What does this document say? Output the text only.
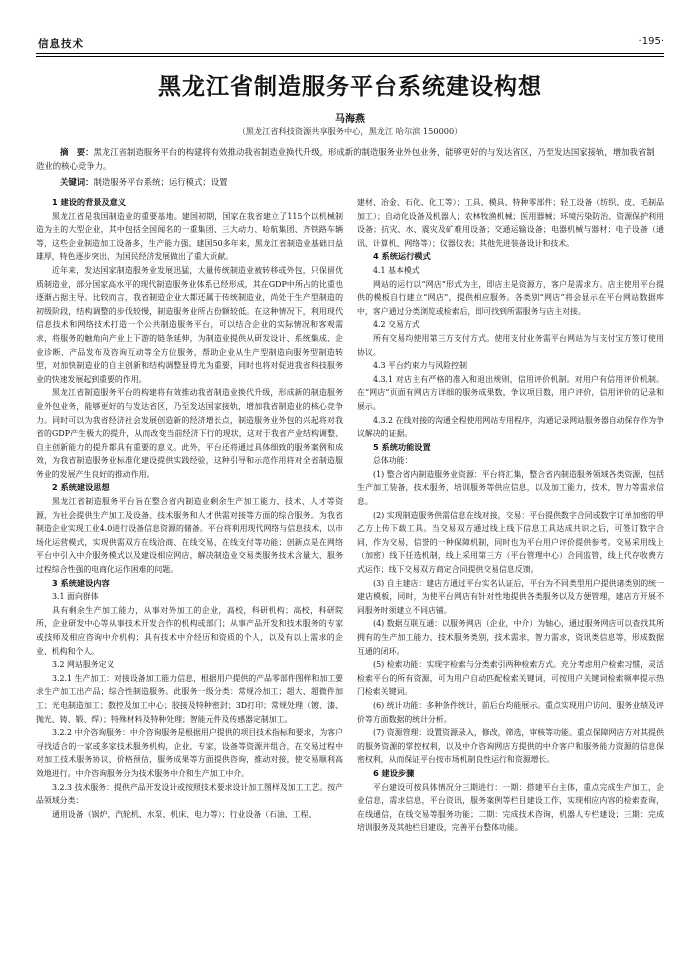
信息技术	·195·
黑龙江省制造服务平台系统建设构想
马海燕
（黑龙江省科技资源共享服务中心，黑龙江 哈尔滨 150000）
摘　要：黑龙江省制造服务平台的构建将有效推动我省制造业换代升级，形成新的制造服务业外包业务，能够更好的与发达省区，乃至发达国家接轨，增加我省制造业的核心竞争力。
关键词：制造服务平台系统；运行模式；设置
1 建设的背景及意义

黑龙江省是我国制造业的重要基地。建国初期，国家在我省建立了115个以机械制造为主的大型企业，其中包括全国闻名的一重集团、三大动力、哈航集团、齐铁路车辆等，这些企业制造加工设备多，生产能力强。建国50多年来，黑龙江省制造业基础日益雄厚，特色逐步突出，为国民经济发展做出了重大贡献。

近年来，发达国家制造服务业发展迅猛，大量传统制造业被转移或外包，只保留优质制造业，部分国家高水平的现代制造服务业体系已经形成，其在GDP中所占的比重也逐渐占据主导。比较而言，我省制造企业大都还属于传统制造业，尚处于生产型制造的初级阶段，结构调整的步伐较慢，制造服务业所占份额较低。在这种情况下，利用现代信息技术和网络技术打造一个公共制造服务平台，可以结合企业的实际情况和客观需求，将服务的触角向产业上下游的链条延伸，为制造业提供从研发设计、系统集成、企业诊断、产品发布及咨询互动等全方位服务，帮助企业从生产型制造向服务型制造转型，对加快制造业的自主创新和结构调整显得尤为重要，同时也将对促进我省科技服务业的快速发展起到重要的作用。

黑龙江省制造服务平台的构建将有效推动我省制造业换代升级，形成新的制造服务业外包业务，能够更好的与发达省区，乃至发达国家接轨，增加我省制造业的核心竞争力。同时可以为我省经济社会发展创造新的经济增长点，制造服务业外包的兴起将对我省的GDP产生极大的提升，从而改变当前经济下行的现状，这对于我省产业结构调整、自主创新能力的提升都具有重要的意义。此外，平台还将通过具体细致的服务案例和成效，为我省制造服务业标准化建设提供实践经验，这种引导和示范作用将对全省制造服务业的发展产生良好的推动作用。

2 系统建设思想

黑龙江省制造服务平台旨在整合省内制造业剩余生产加工能力，技术、人才等资源，为社会提供生产加工及设备、技术服务和人才供需对接等方面的综合服务。为我省制造企业实现工业4.0进行设备信息资源的储备。平台将利用现代网络与信息技术，以市场化运营模式，实现供需双方在线洽商、在线交易，在线支付等功能；创新点是在网络平台中引入中介服务模式以及建设相应网店，解决制造业交易类服务技术含量大、服务过程综合性强的电商化运作困难的问题。

3 系统建设内容
3.1 面向群体

具有剩余生产加工能力，从事对外加工的企业，高校，科研机构；高校，科研院所，企业研发中心等从事技术开发合作的机构或部门；从事产品开发和技术服务的专家或技师及相应咨询中介机构；具有技术中介经历和资质的个人，以及有以上需求的企业、机构和个人。

3.2 网站服务定义

3.2.1 生产加工：对接设备加工能力信息，根据用户提供的产品零部件图样和加工要求生产加工出产品；综合性制造服务。此服务一级分类：常规冷加工；超大、超微件加工；光电制造加工；数控及加工中心；胶接及特种密封；3D打印；常规处理（镀、漆、抛光、铸、锻、焊）；特殊材料及特种处理；智能元件及传感器定制加工。

3.2.2 中介咨询服务：中介咨询服务是根据用户提供的项目技术指标和要求，为客户寻找适合的一家或多家技术服务机构，企业，专家，设备等资源并组合，在交易过程中对加工技术服务协议，价格预估，服务成果等方面提供咨询，推动对接，使交易顺利高效地进行。中介咨询服务分为技术服务中介和生产加工中介。

3.2.3 技术服务：提供产品开发设计或按照技术要求设计加工图样及加工工艺。按产品领域分类：

通用设备（锅炉、汽轮机、水泵、机床、电力等）；行业设备（石油、工程、

建材、冶金、石化、化工等）；工具、模具、特种零部件；轻工设备（纺织、皮、毛制品加工）；自动化设备及机器人；农林牧渔机械；医用器械；环境污染防治、资源保护利用设备；抗灾、水、震灾及矿难用设备；交通运输设备；电器机械与器材；电子设备（通讯、计算机、网络等）；仪器仪表；其他先进装备设计和技术。

4 系统运行模式
4.1 基本模式

网站的运行以“网店”形式为主，即店主是资源方，客户是需求方。店主使用平台提供的模板自行建立“网店”，提供相应服务。各类别“网店”将会显示在平台网站数据库中，客户通过分类浏览或检索后，即可找到所需服务与店主对接。

4.2 交易方式

所有交易均使用第三方支付方式。使用支付业务需平台网站为与支付宝方签订使用协议。

4.3 平台约束力与风险控制

4.3.1 对店主有严格的准入和退出规则，信用评价机制。对用户有信用评价机制。在“网店”页面有网店方详细的服务成果数，争议项目数，用户评价，信用评价的记录和展示。

4.3.2 在线对接的沟通全程使用网站专用程序，沟通记录网站服务器自动保存作为争议解决的证据。

5 系统功能设置

总体功能：

(1) 整合省内制造服务业资源：平台将汇集，整合省内制造服务领域各类资源，包括生产加工装备，技术服务，培训服务等供应信息，以及加工能力，技术，智力等需求信息。

(2) 实现制造服务供需信息在线对接，交易：平台提供数字合同或数字订单加密的甲乙方上传下载工具。当交易双方通过线上线下信息工具达成共识之后，可签订数字合同，作为交易，信誉的一种保障机制，同时也为平台用户评价提供参考。交易采用线上（加密）线下任选机制，线上采用第三方（平台管理中心）合同监管，线上代存收费方式运作；线下交易双方商定合同提供交易信息反馈。

(3) 自主建店：建店方通过平台实名认证后，平台为不同类型用户提供诸类别的统一建店模板，同时，为使平台网店有针对性地提供各类服务以及方便管理，建店方开展不同服务时须建立不同店铺。

(4) 数据互联互通：以服务网店（企业，中介）为轴心，通过服务网店可以查找其所拥有的生产加工能力，技术服务类别，技术需求，智力需求，资讯类信息等，形成数据互通的闭环。

(5) 检索功能：实现字检索与分类索引两种检索方式。充分考虑用户检索习惯，灵活检索平台的所有资源，可为用户自动匹配检索关键词，可按用户关键词检索频率提示热门检索关键词。

(6) 统计功能：多种条件统计，前后台均能展示。重点实现用户访问、服务业绩及评价等方面数据的统计分析。

(7) 资源管理：设置资源录入，修改，筛选，审核等功能。重点保障网店方对其提供的服务资源的掌控权利，以及中介咨询网店方提供的中介客户和服务能力资源的信息保密权利，从而保证平台按市场机制良性运行和资源增长。

6 建设步骤

平台建设可按具体情况分三期进行：一期：搭建平台主体，重点完成生产加工，企业信息，需求信息，平台资讯，服务案例等栏目建设工作，实现相应内容的检索查询，在线通信，在线交易等服务功能；二期：完成技术咨询，机器人专栏建设；三期：完成培训服务及其他栏目建设，完善平台整体功能。
